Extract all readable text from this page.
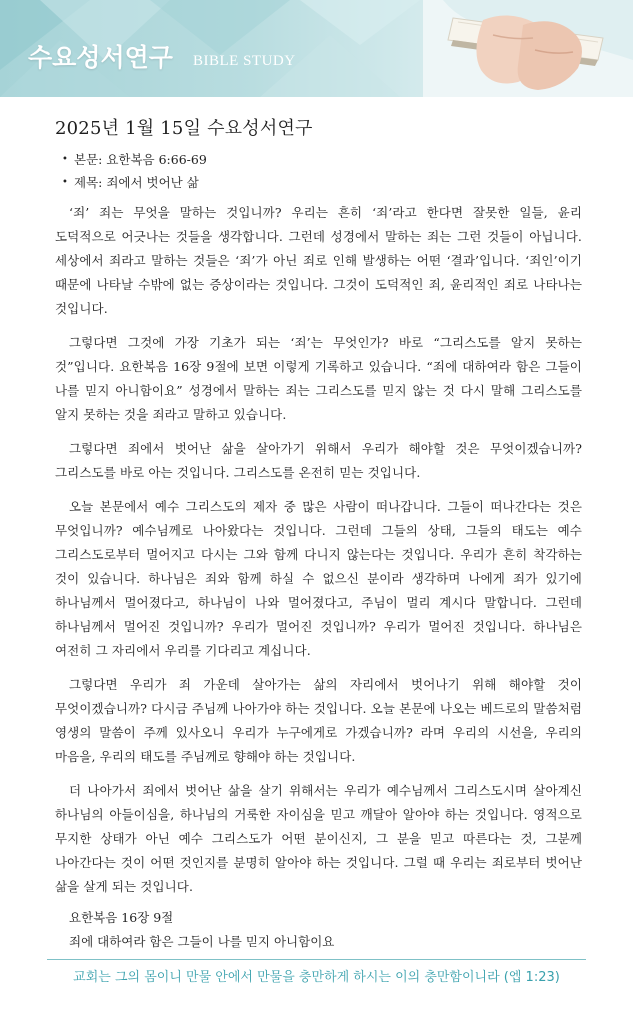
수요성서연구 BIBLE STUDY
2025년 1월 15일 수요성서연구
• 본문: 요한복음 6:66-69
• 제목: 죄에서 벗어난 삶

‘죄’ 죄는 무엇을 말하는 것입니까? 우리는 흔히 ‘죄’라고 한다면 잘못한 일들, 윤리 도덕적으로 어긋나는 것들을 생각합니다. 그런데 성경에서 말하는 죄는 그런 것들이 아닙니다. 세상에서 죄라고 말하는 것들은 ‘죄’가 아닌 죄로 인해 발생하는 어떤 ‘결과’입니다. ‘죄인’이기 때문에 나타날 수밖에 없는 증상이라는 것입니다. 그것이 도덕적인 죄, 윤리적인 죄로 나타나는 것입니다.

그렇다면 그것에 가장 기초가 되는 ‘죄’는 무엇인가? 바로 “그리스도를 알지 못하는 것”입니다. 요한복음 16장 9절에 보면 이렇게 기록하고 있습니다. “죄에 대하여라 함은 그들이 나를 믿지 아니함이요” 성경에서 말하는 죄는 그리스도를 믿지 않는 것 다시 말해 그리스도를 알지 못하는 것을 죄라고 말하고 있습니다.

그렇다면 죄에서 벗어난 삶을 살아가기 위해서 우리가 해야할 것은 무엇이겠습니까? 그리스도를 바로 아는 것입니다. 그리스도를 온전히 믿는 것입니다.

오늘 본문에서 예수 그리스도의 제자 중 많은 사람이 떠나갑니다. 그들이 떠나간다는 것은 무엇입니까? 예수님께로 나아왔다는 것입니다. 그런데 그들의 상태, 그들의 태도는 예수 그리스도로부터 멀어지고 다시는 그와 함께 다니지 않는다는 것입니다. 우리가 흔히 착각하는 것이 있습니다. 하나님은 죄와 함께 하실 수 없으신 분이라 생각하며 나에게 죄가 있기에 하나님께서 멀어졌다고, 하나님이 나와 멀어졌다고, 주님이 멀리 계시다 말합니다. 그런데 하나님께서 멀어진 것입니까? 우리가 멀어진 것입니까? 우리가 멀어진 것입니다. 하나님은 여전히 그 자리에서 우리를 기다리고 계십니다.

그렇다면 우리가 죄 가운데 살아가는 삶의 자리에서 벗어나기 위해 해야할 것이 무엇이겠습니까? 다시금 주님께 나아가야 하는 것입니다. 오늘 본문에 나오는 베드로의 말씀처럼 영생의 말씀이 주께 있사오니 우리가 누구에게로 가겠습니까? 라며 우리의 시선을, 우리의 마음을, 우리의 태도를 주님께로 향해야 하는 것입니다.

더 나아가서 죄에서 벗어난 삶을 살기 위해서는 우리가 예수님께서 그리스도시며 살아계신 하나님의 아들이심을, 하나님의 거룩한 자이심을 믿고 깨달아 알아야 하는 것입니다. 영적으로 무지한 상태가 아닌 예수 그리스도가 어떤 분이신지, 그 분을 믿고 따른다는 것, 그분께 나아간다는 것이 어떤 것인지를 분명히 알아야 하는 것입니다. 그럴 때 우리는 죄로부터 벗어난 삶을 살게 되는 것입니다.

요한복음 16장 9절
죄에 대하여라 함은 그들이 나를 믿지 아니함이요
교회는 그의 몸이니 만물 안에서 만물을 충만하게 하시는 이의 충만함이니라 (엡 1:23)
